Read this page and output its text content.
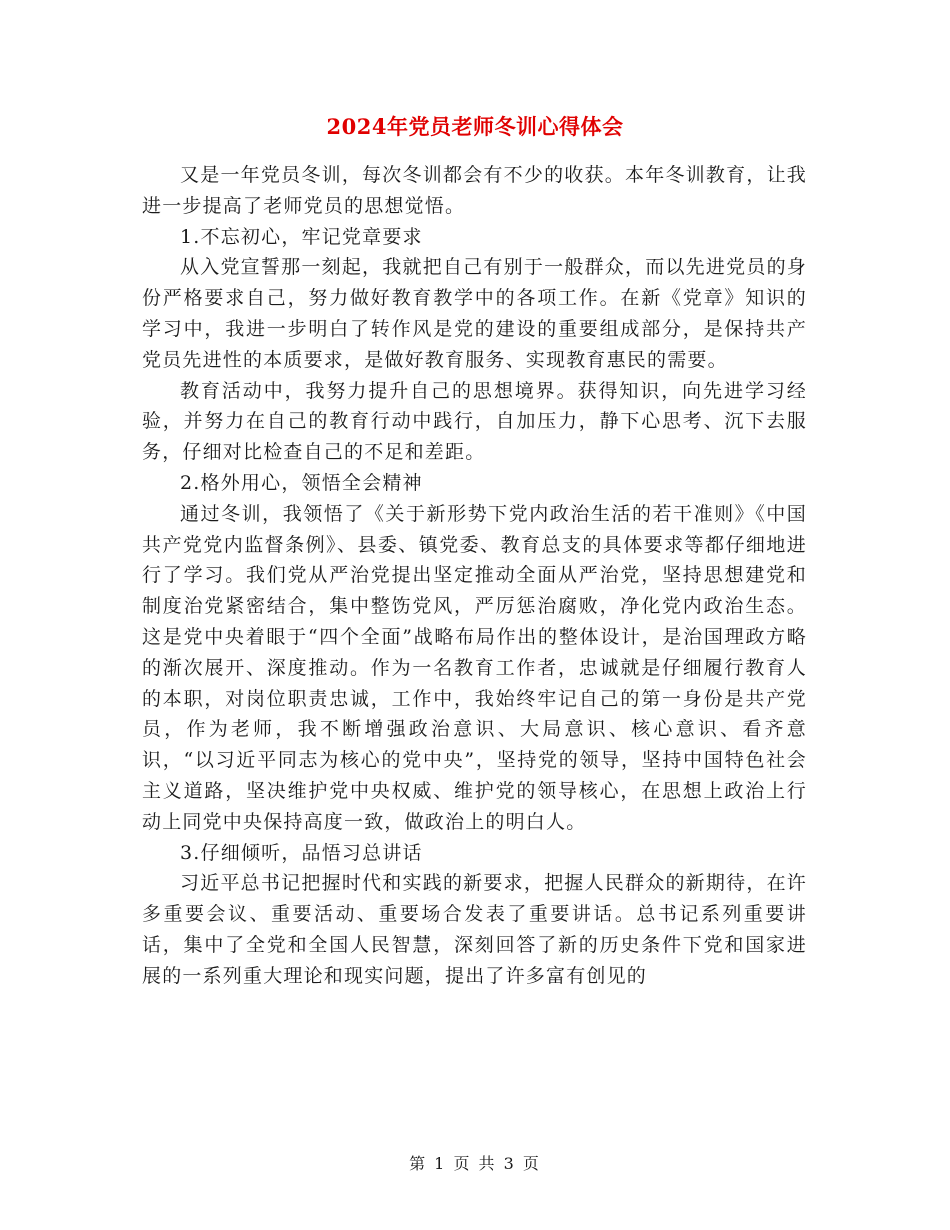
2024年党员老师冬训心得体会

又是一年党员冬训，每次冬训都会有不少的收获。本年冬训教育，让我进一步提高了老师党员的思想觉悟。

1.不忘初心，牢记党章要求

从入党宣誓那一刻起，我就把自己有别于一般群众，而以先进党员的身份严格要求自己，努力做好教育教学中的各项工作。在新《党章》知识的学习中，我进一步明白了转作风是党的建设的重要组成部分，是保持共产党员先进性的本质要求，是做好教育服务、实现教育惠民的需要。

教育活动中，我努力提升自己的思想境界。获得知识，向先进学习经验，并努力在自己的教育行动中践行，自加压力，静下心思考、沉下去服务，仔细对比检查自己的不足和差距。

2.格外用心，领悟全会精神

通过冬训，我领悟了《关于新形势下党内政治生活的若干准则》《中国共产党党内监督条例》、县委、镇党委、教育总支的具体要求等都仔细地进行了学习。我们党从严治党提出坚定推动全面从严治党，坚持思想建党和制度治党紧密结合，集中整饬党风，严厉惩治腐败，净化党内政治生态。这是党中央着眼于“四个全面”战略布局作出的整体设计，是治国理政方略的渐次展开、深度推动。作为一名教育工作者，忠诚就是仔细履行教育人的本职，对岗位职责忠诚，工作中，我始终牢记自己的第一身份是共产党员，作为老师，我不断增强政治意识、大局意识、核心意识、看齐意识，“以习近平同志为核心的党中央”，坚持党的领导，坚持中国特色社会主义道路，坚决维护党中央权威、维护党的领导核心，在思想上政治上行动上同党中央保持高度一致，做政治上的明白人。

3.仔细倾听，品悟习总讲话

习近平总书记把握时代和实践的新要求，把握人民群众的新期待，在许多重要会议、重要活动、重要场合发表了重要讲话。总书记系列重要讲话，集中了全党和全国人民智慧，深刻回答了新的历史条件下党和国家进展的一系列重大理论和现实问题，提出了许多富有创见的

第 1 页 共 3 页
